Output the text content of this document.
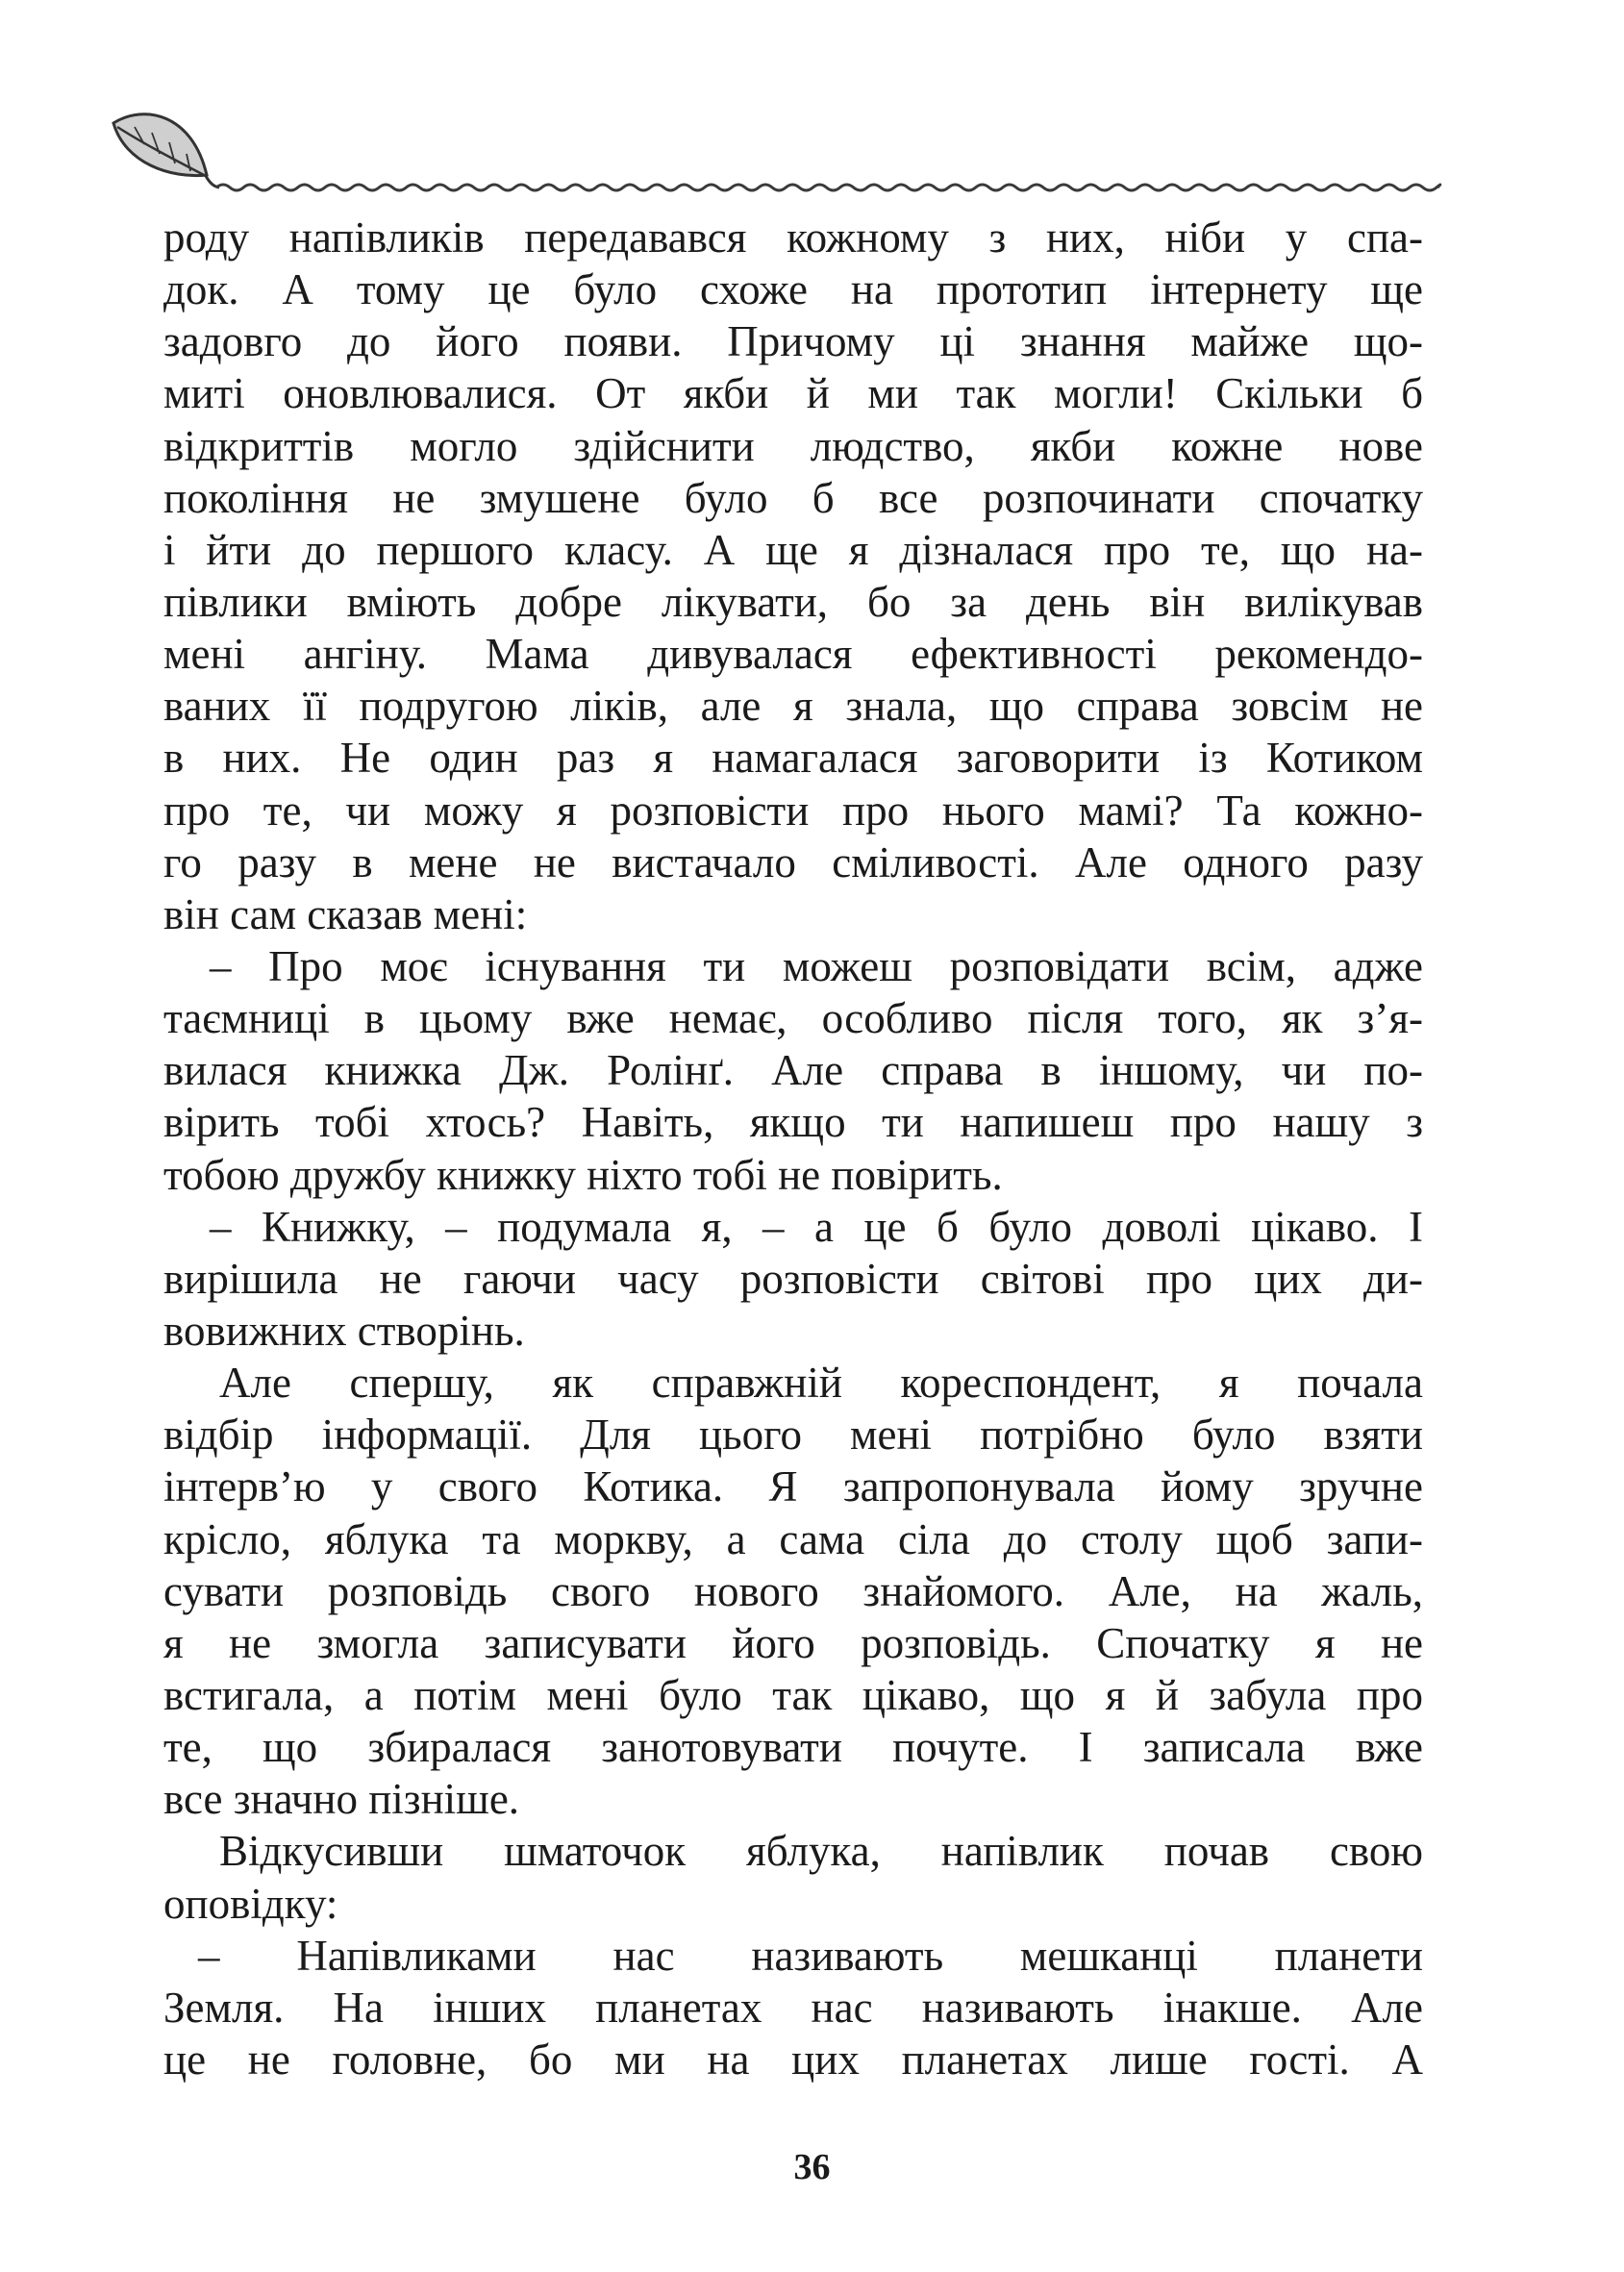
роду напівликів передавався кожному з них, ніби у спа-
док. А тому це було схоже на прототип інтернету ще
задовго до його появи. Причому ці знання майже що-
миті оновлювалися. От якби й ми так могли! Скільки б
відкриттів могло здійснити людство, якби кожне нове
покоління не змушене було б все розпочинати спочатку
і йти до першого класу. А ще я дізналася про те, що на-
півлики вміють добре лікувати, бо за день він вилікував
мені ангіну. Мама дивувалася ефективності рекомендо-
ваних її подругою ліків, але я знала, що справа зовсім не
в них. Не один раз я намагалася заговорити із Котиком
про те, чи можу я розповісти про нього мамі? Та кожно-
го разу в мене не вистачало сміливості. Але одного разу
він сам сказав мені:
– Про моє існування ти можеш розповідати всім, адже
таємниці в цьому вже немає, особливо після того, як з’я-
вилася книжка Дж. Ролінґ. Але справа в іншому, чи по-
вірить тобі хтось? Навіть, якщо ти напишеш про нашу з
тобою дружбу книжку ніхто тобі не повірить.
– Книжку, – подумала я, – а це б було доволі цікаво. І
вирішила не гаючи часу розповісти світові про цих ди-
вовижних створінь.
Але спершу, як справжній кореспондент, я почала
відбір інформації. Для цього мені потрібно було взяти
інтерв’ю у свого Котика. Я запропонувала йому зручне
крісло, яблука та моркву, а сама сіла до столу щоб запи-
сувати розповідь свого нового знайомого. Але, на жаль,
я не змогла записувати його розповідь. Спочатку я не
встигала, а потім мені було так цікаво, що я й забула про
те, що збиралася занотовувати почуте. І записала вже
все значно пізніше.
Відкусивши шматочок яблука, напівлик почав свою
оповідку:
– Напівликами нас називають мешканці планети
Земля. На інших планетах нас називають інакше. Але
це не головне, бо ми на цих планетах лише гості. А
36
